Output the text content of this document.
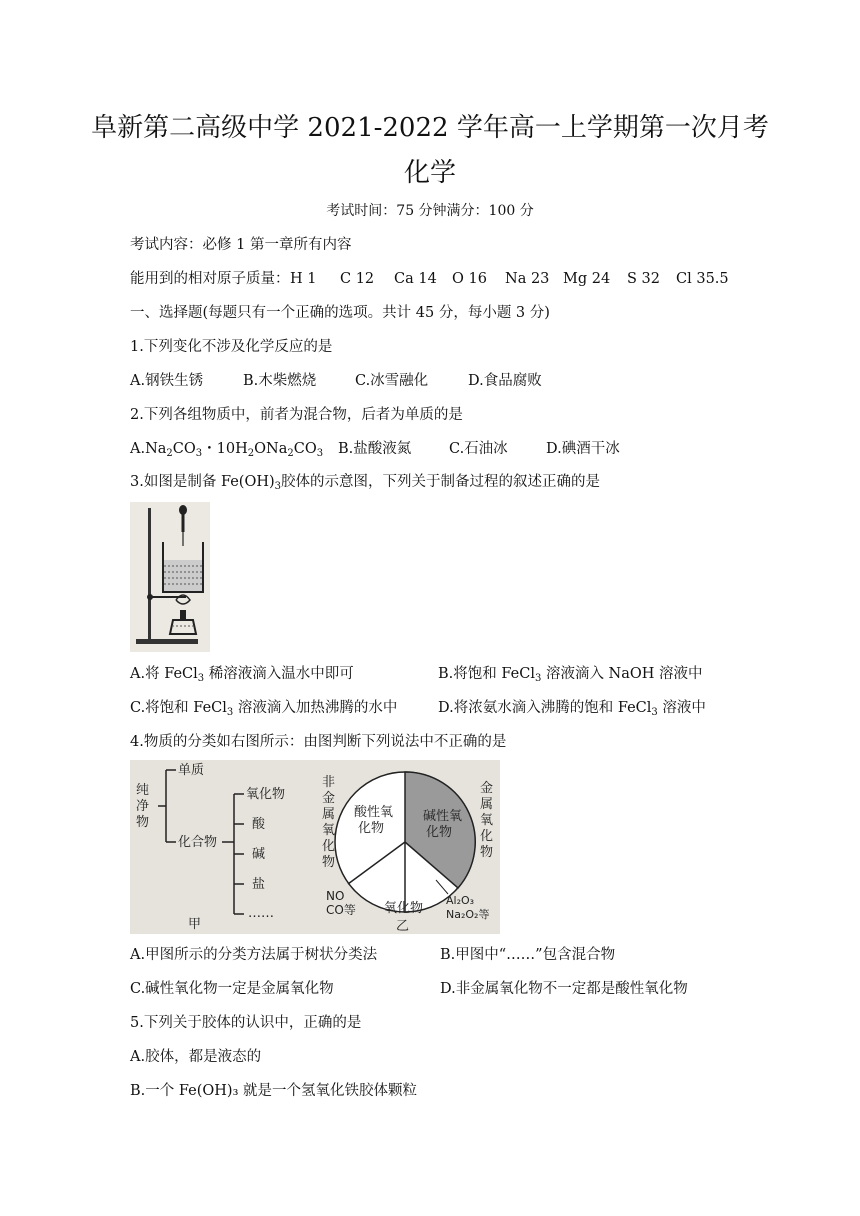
阜新第二高级中学 2021-2022 学年高一上学期第一次月考
化学
考试时间：75 分钟满分：100 分
考试内容：必修 1 第一章所有内容
能用到的相对原子质量： H 1 C 12 Ca 14 O 16 Na 23 Mg 24 S 32 Cl 35.5
一、选择题(每题只有一个正确的选项。共计 45 分，每小题 3 分)
1.下列变化不涉及化学反应的是
A.钢铁生锈	B.木柴燃烧	C.冰雪融化	D.食品腐败
2.下列各组物质中，前者为混合物，后者为单质的是
$A.Na_2CO_3$・$10H_2ONa_2CO_3$ B.盐酸液氮	C.石油冰	D.碘酒干冰
3.如图是制备 $Fe(OH)_3$胶体的示意图，下列关于制备过程的叙述正确的是
A.将 FeCl$_3$ 稀溶液滴入温水中即可	B.将饱和 FeCl$_3$ 溶液滴入 NaOH 溶液中
C.将饱和 FeCl$_3$ 溶液滴入加热沸腾的水中	D.将浓氨水滴入沸腾的饱和 FeCl$_3$ 溶液中
4.物质的分类如右图所示：由图判断下列说法中不正确的是
纯
净
物
单质
化合物
氧化物
酸
碱
盐
……
甲
酸性氧
化物
碱性氧
化物
非
金
属
氧
化
物
金
属
氧
化
物
NO
CO等 氧化物
Al₂O₃
Na₂O₂等
乙
A.甲图所示的分类方法属于树状分类法	B.甲图中“……”包含混合物
C.碱性氧化物一定是金属氧化物	D.非金属氧化物不一定都是酸性氧化物
5.下列关于胶体的认识中，正确的是
A.胶体，都是液态的
B.一个 Fe(OH)₃ 就是一个氢氧化铁胶体颗粒
